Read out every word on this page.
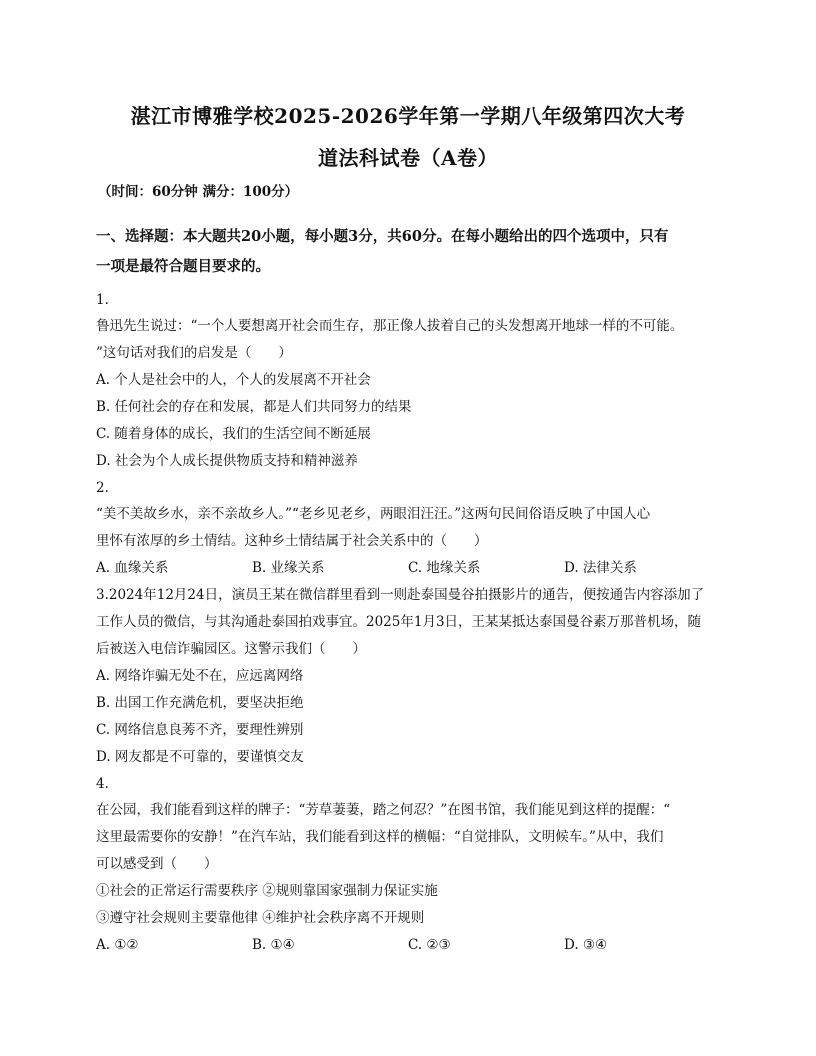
湛江市博雅学校2025-2026学年第一学期八年级第四次大考
道法科试卷（A卷）
（时间：60分钟 满分：100分）
一、选择题：本大题共20小题，每小题3分，共60分。在每小题给出的四个选项中，只有
一项是最符合题目要求的。
1.
鲁迅先生说过：“一个人要想离开社会而生存，那正像人拔着自己的头发想离开地球一样的不可能。
”这句话对我们的启发是（　　）
A. 个人是社会中的人，个人的发展离不开社会
B. 任何社会的存在和发展，都是人们共同努力的结果
C. 随着身体的成长，我们的生活空间不断延展
D. 社会为个人成长提供物质支持和精神滋养
2.
“美不美故乡水，亲不亲故乡人。”“老乡见老乡，两眼泪汪汪。”这两句民间俗语反映了中国人心
里怀有浓厚的乡土情结。这种乡土情结属于社会关系中的（　　）
A. 血缘关系	B. 业缘关系	C. 地缘关系	D. 法律关系
3.2024年12月24日，演员王某在微信群里看到一则赴泰国曼谷拍摄影片的通告，便按通告内容添加了
工作人员的微信，与其沟通赴泰国拍戏事宜。2025年1月3日，王某某抵达泰国曼谷素万那普机场，随
后被送入电信诈骗园区。这警示我们（　　）
A. 网络诈骗无处不在，应远离网络
B. 出国工作充满危机，要坚决拒绝
C. 网络信息良莠不齐，要理性辨别
D. 网友都是不可靠的，要谨慎交友
4.
在公园，我们能看到这样的牌子：“芳草萋萋，踏之何忍？”在图书馆，我们能见到这样的提醒：“
这里最需要你的安静！”在汽车站，我们能看到这样的横幅：“自觉排队，文明候车。”从中，我们
可以感受到（　　）
①社会的正常运行需要秩序 ②规则靠国家强制力保证实施
③遵守社会规则主要靠他律 ④维护社会秩序离不开规则
A. ①②	B. ①④	C. ②③	D. ③④
